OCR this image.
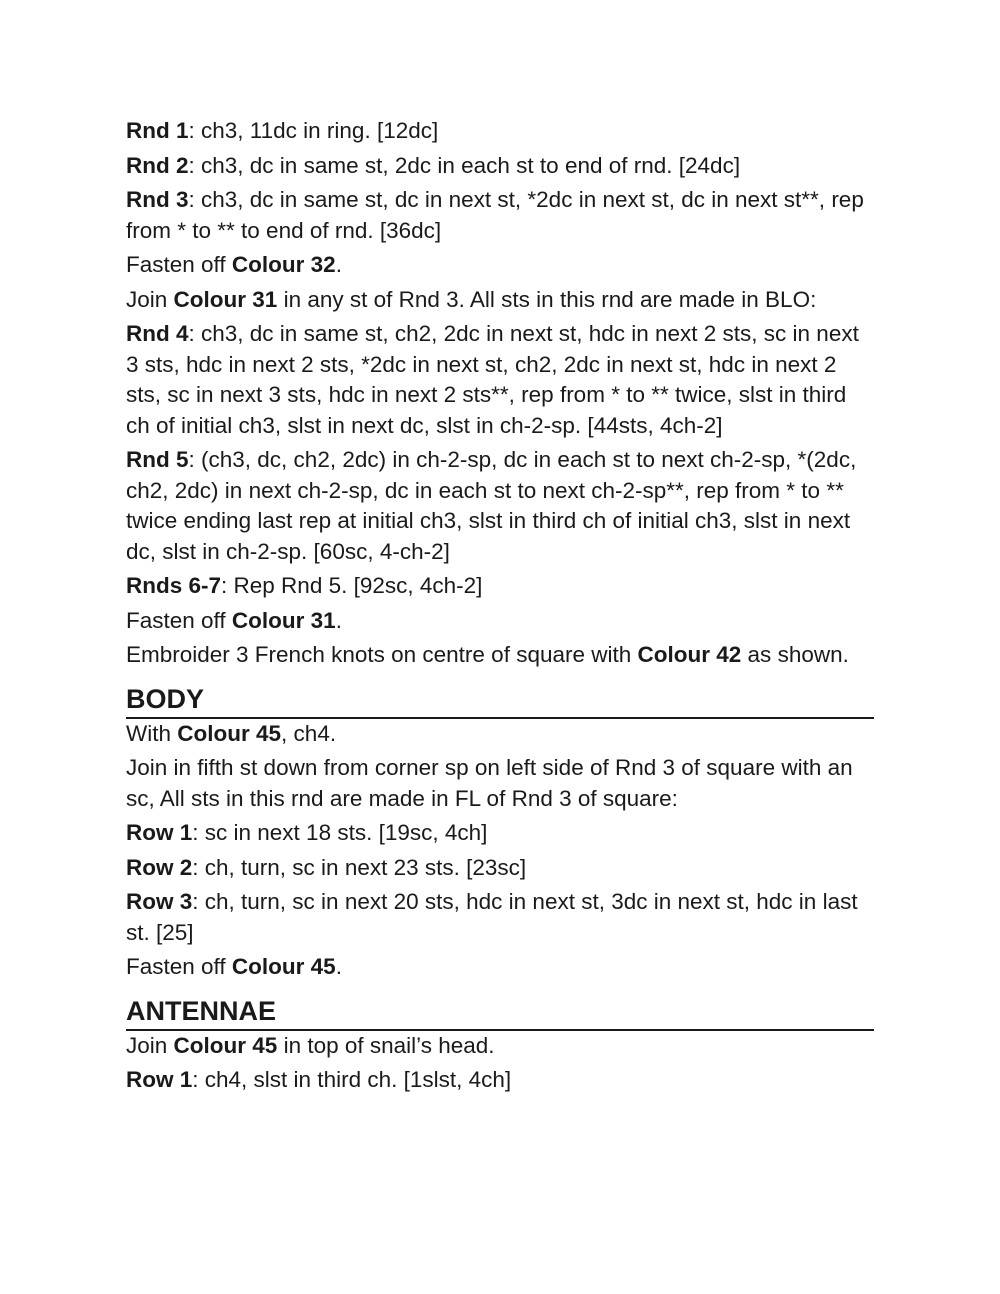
Rnd 1: ch3, 11dc in ring. [12dc]

Rnd 2: ch3, dc in same st, 2dc in each st to end of rnd. [24dc]

Rnd 3: ch3, dc in same st, dc in next st, *2dc in next st, dc in next st**, rep from * to ** to end of rnd. [36dc]

Fasten off Colour 32.

Join Colour 31 in any st of Rnd 3. All sts in this rnd are made in BLO:

Rnd 4: ch3, dc in same st, ch2, 2dc in next st, hdc in next 2 sts, sc in next 3 sts, hdc in next 2 sts, *2dc in next st, ch2, 2dc in next st, hdc in next 2 sts, sc in next 3 sts, hdc in next 2 sts**, rep from * to ** twice, slst in third ch of initial ch3, slst in next dc, slst in ch-2-sp. [44sts, 4ch-2]

Rnd 5: (ch3, dc, ch2, 2dc) in ch-2-sp, dc in each st to next ch-2-sp, *(2dc, ch2, 2dc) in next ch-2-sp, dc in each st to next ch-2-sp**, rep from * to ** twice ending last rep at initial ch3, slst in third ch of initial ch3, slst in next dc, slst in ch-2-sp. [60sc, 4-ch-2]

Rnds 6-7: Rep Rnd 5. [92sc, 4ch-2]

Fasten off Colour 31.

Embroider 3 French knots on centre of square with Colour 42 as shown.

BODY

With Colour 45, ch4.

Join in fifth st down from corner sp on left side of Rnd 3 of square with an sc, All sts in this rnd are made in FL of Rnd 3 of square:

Row 1: sc in next 18 sts. [19sc, 4ch]

Row 2: ch, turn, sc in next 23 sts. [23sc]

Row 3: ch, turn, sc in next 20 sts, hdc in next st, 3dc in next st, hdc in last st. [25]

Fasten off Colour 45.

ANTENNAE

Join Colour 45 in top of snail’s head.

Row 1: ch4, slst in third ch. [1slst, 4ch]
